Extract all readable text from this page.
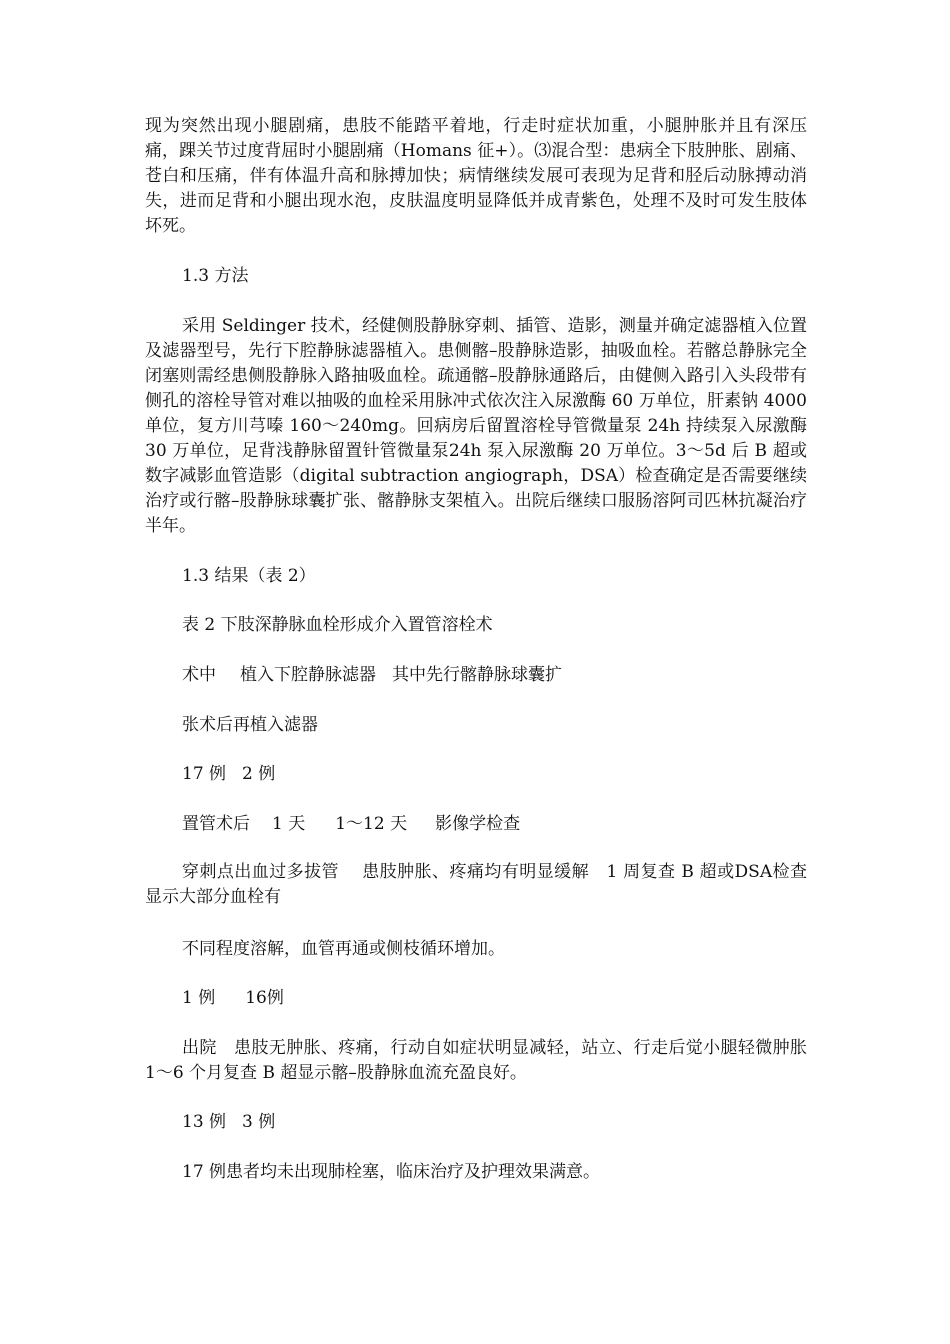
现为突然出现小腿剧痛，患肢不能踏平着地，行走时症状加重，小腿肿胀并且有深压痛，踝关节过度背屈时小腿剧痛（Homans 征+）。⑶混合型：患病全下肢肿胀、剧痛、苍白和压痛，伴有体温升高和脉搏加快；病情继续发展可表现为足背和胫后动脉搏动消失，进而足背和小腿出现水泡，皮肤温度明显降低并成青紫色，处理不及时可发生肢体坏死。

1.3 方法

采用 Seldinger 技术，经健侧股静脉穿刺、插管、造影，测量并确定滤器植入位置及滤器型号，先行下腔静脉滤器植入。患侧髂–股静脉造影，抽吸血栓。若髂总静脉完全闭塞则需经患侧股静脉入路抽吸血栓。疏通髂–股静脉通路后，由健侧入路引入头段带有侧孔的溶栓导管对难以抽吸的血栓采用脉冲式依次注入尿激酶 60 万单位，肝素钠 4000 单位，复方川芎嗪 160～240mg。回病房后留置溶栓导管微量泵 24h 持续泵入尿激酶 30 万单位，足背浅静脉留置针管微量泵24h 泵入尿激酶 20 万单位。3～5d 后 B 超或数字减影血管造影（digital subtraction angiograph，DSA）检查确定是否需要继续治疗或行髂–股静脉球囊扩张、髂静脉支架植入。出院后继续口服肠溶阿司匹林抗凝治疗半年。

1.3 结果（表 2）

表 2 下肢深静脉血栓形成介入置管溶栓术

术中 植入下腔静脉滤器 其中先行髂静脉球囊扩

张术后再植入滤器

17 例 2 例

置管术后 1 天 1～12 天 影像学检查

穿刺点出血过多拔管　 患肢肿胀、疼痛均有明显缓解　1 周复查 B 超或DSA检查显示大部分血栓有

不同程度溶解，血管再通或侧枝循环增加。

1 例 16例

出院　患肢无肿胀、疼痛，行动自如症状明显减轻，站立、行走后觉小腿轻微肿胀 1～6 个月复查 B 超显示髂–股静脉血流充盈良好。

13 例 3 例

17 例患者均未出现肺栓塞，临床治疗及护理效果满意。
